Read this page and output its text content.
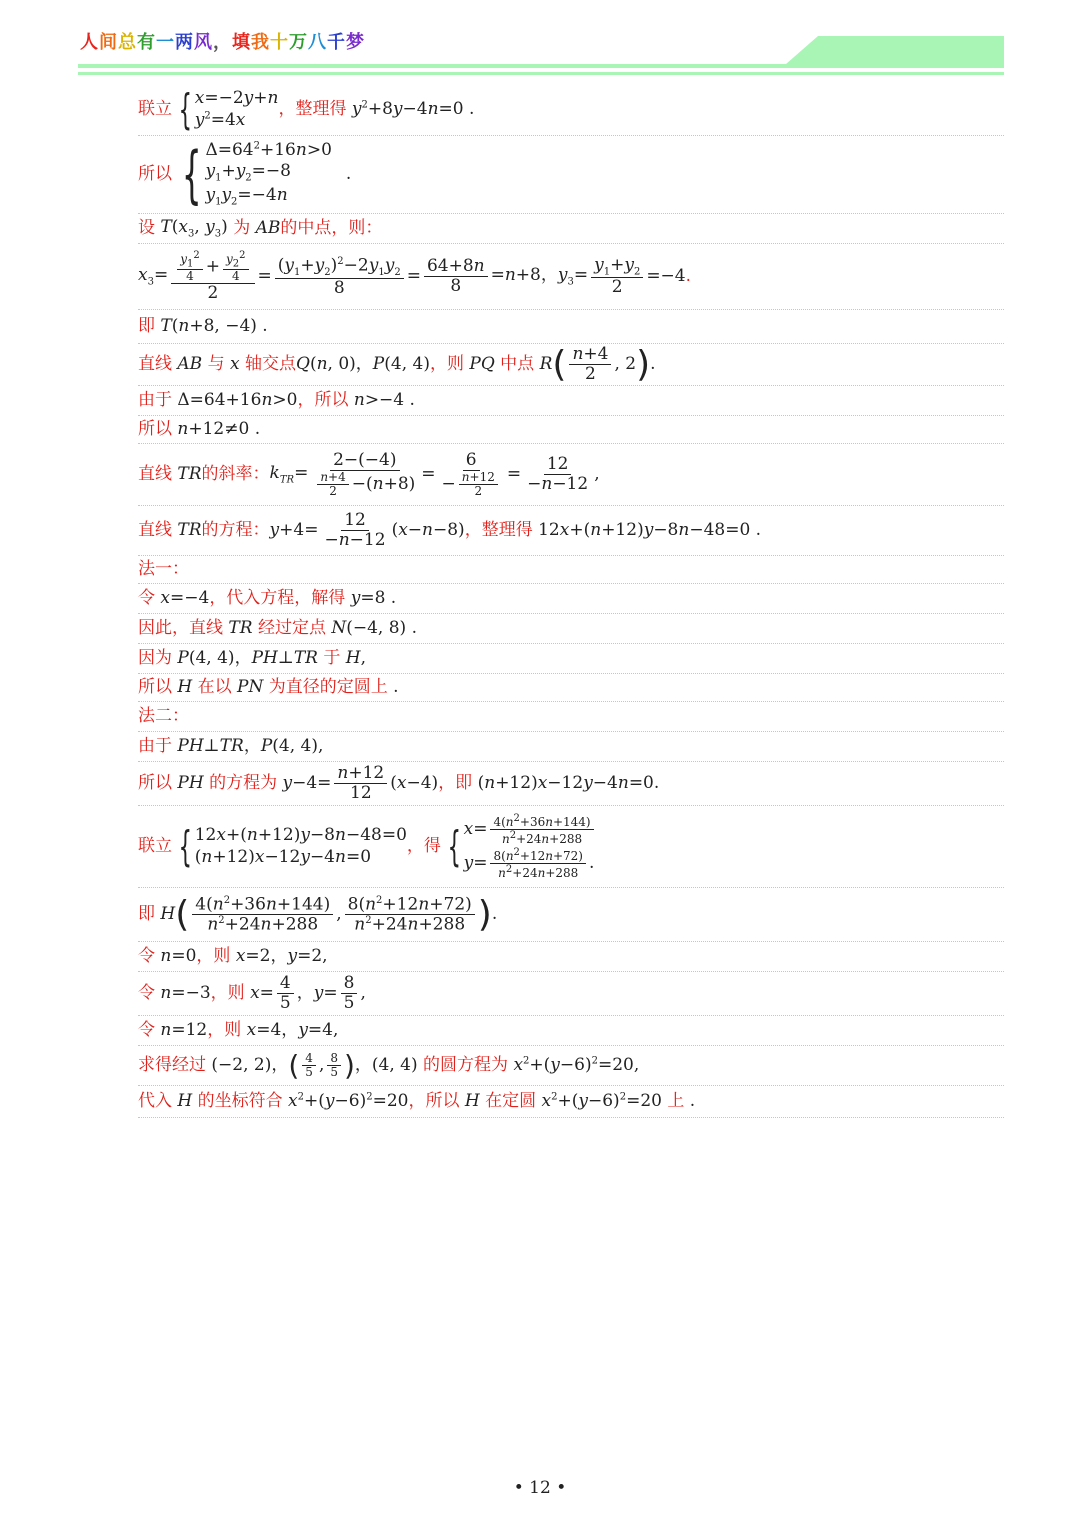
人间总有一两风，填我十万八千梦
联立 { x=−2y+n
$y^2=4x$
，整理得 $y^2+8y-4n=0$ .
所以 { $\Delta=64^2+16n>0$
$y_1+y_2=-8$
$y_1y_2=-4n$
.
设 $T(x_3$, $y_3$) 为 AB 的中点，则：
$x_3= \frac{\frac{y_1^2}{4} + \frac{y_2^2}{4}}{2} = \frac{(y_1+y_2)^2-2y_1y_2}{8} = \frac{64+8n}{8} =n+8$，$y_3= \frac{y_1+y_2}{2} =-4$.
即 T(n+8, −4) .
直线 AB 与 x 轴交点 Q(n, 0)，P(4, 4) ，则 PQ 中点 R ( $\frac{n+4}{2}$ , 2 ) .
由于 Δ=64+16n>0 ，所以 n>−4 .
所以 n+12≠0 .
直线 TR 的斜率： $k_{TR}= \frac{2-(-4)}{\frac{n+4}{2} -(n+8)} = \frac{6}{- \frac{n+12}{2}} = \frac{12}{-n-12}$ ,
直线 TR 的方程： $y+4= \frac{12}{-n-12} (x-n-8)$ ，整理得 12x+(n+12)y−8n−48=0 .
法一：
令 x=−4 ，代入方程，解得 y=8 .
因此，直线 TR 经过定点 N(−4, 8) .
因为 P(4, 4)，PH⊥TR 于 H,
所以 H 在以 PN 为直径的定圆上 .
法二：
由于 PH⊥TR，P(4, 4),
所以 PH 的方程为 $y-4= \frac{n+12}{12} (x-4)$ ，即 (n+12)x−12y−4n=0.
联立 { 12x+(n+12)y−8n−48=0
(n+12)x−12y−4n=0
，得 { $x= \frac{4(n^2+36n+144)}{n^2+24n+288}$
$y= \frac{8(n^2+12n+72)}{n^2+24n+288}$ .
即 H ( $\frac{4(n^2+36n+144)}{n^2+24n+288}$ , $\frac{8(n^2+12n+72)}{n^2+24n+288}$ ) .
令 n=0 ，则 x=2，y=2,
令 n=−3 ，则 $x= \frac{4}{5}$ ，$y= \frac{8}{5}$ ,
令 n=12 ，则 x=4，y=4,
求得经过 (−2, 2)， ( $\frac{4}{5}$ , $\frac{8}{5}$ ) ，(4, 4) 的圆方程为 $x^2+(y-6)^2=20$,
代入 H 的坐标符合 $x^2+(y-6)^2=20$ ，所以 H 在定圆 $x^2+(y-6)^2=20$ 上 .
• 12 •
